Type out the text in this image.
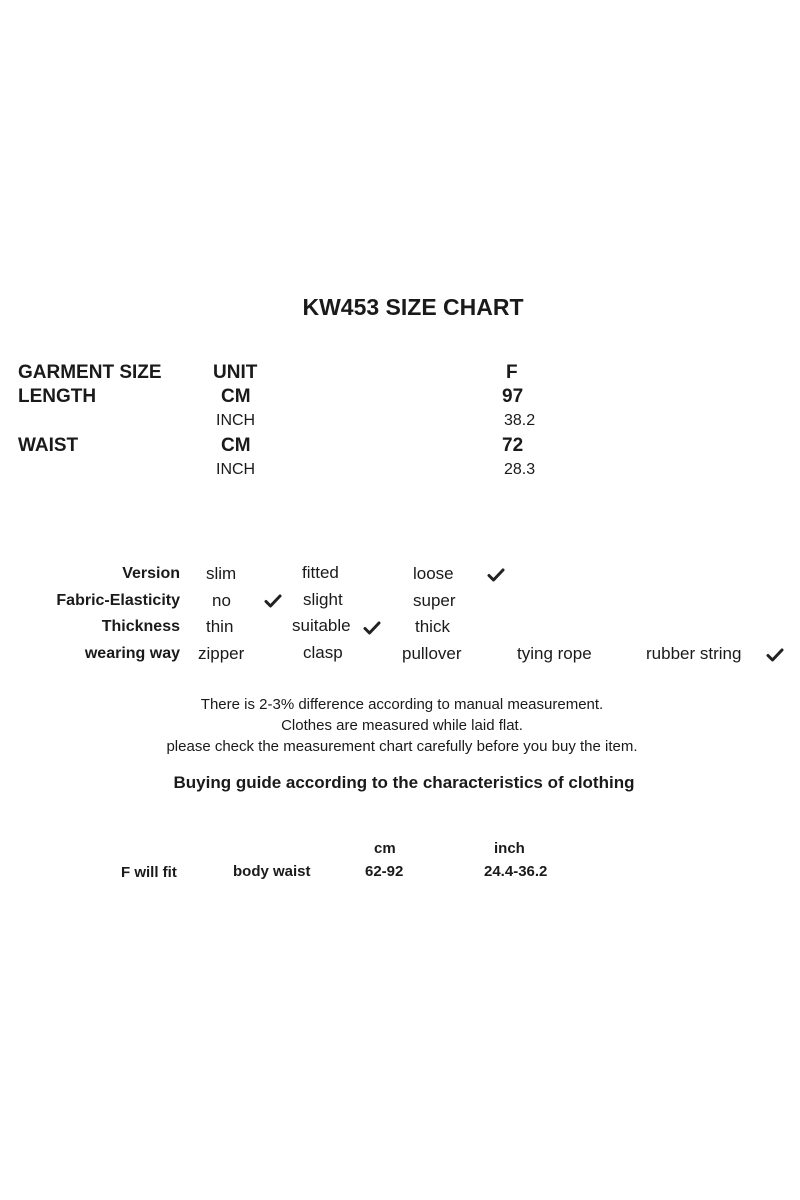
KW453 SIZE CHART
GARMENT SIZE	UNIT	F
LENGTH	CM	97
INCH	38.2
WAIST	CM	72
INCH	28.3
Version slim	fitted	loose
Fabric-Elasticity no	slight	super
Thickness thin	suitable	thick
wearing way zipper	clasp	pullover	tying rope	rubber string
There is 2-3% difference according to manual measurement.
Clothes are measured while laid flat.
please check the measurement chart carefully before you buy the item.
Buying guide according to the characteristics of clothing
cm	inch
F will fit	body waist	62-92	24.4-36.2
